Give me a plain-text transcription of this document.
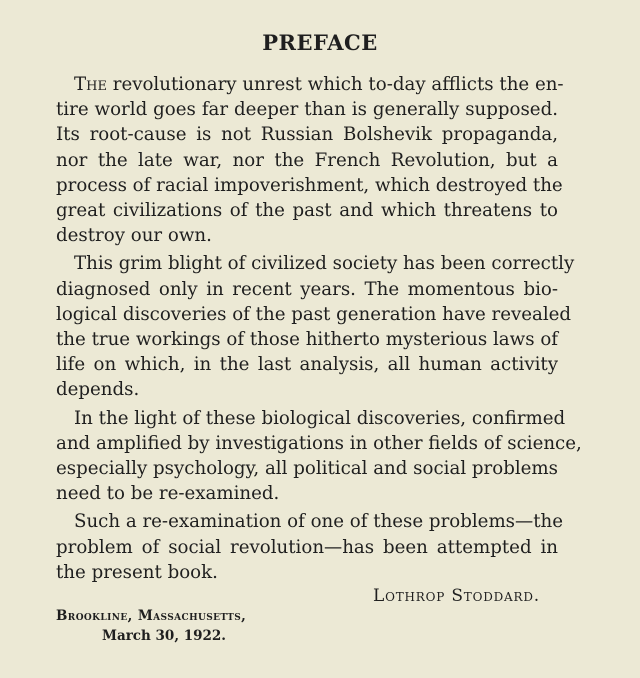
PREFACE
The revolutionary unrest which to-day afflicts the en-
tire world goes far deeper than is generally supposed.
Its root-cause is not Russian Bolshevik propaganda,
nor the late war, nor the French Revolution, but a
process of racial impoverishment, which destroyed the
great civilizations of the past and which threatens to
destroy our own.
This grim blight of civilized society has been correctly
diagnosed only in recent years. The momentous bio-
logical discoveries of the past generation have revealed
the true workings of those hitherto mysterious laws of
life on which, in the last analysis, all human activity
depends.
In the light of these biological discoveries, confirmed
and amplified by investigations in other fields of science,
especially psychology, all political and social problems
need to be re-examined.
Such a re-examination of one of these problems—the
problem of social revolution—has been attempted in
the present book.
Lothrop Stoddard.
Brookline, Massachusetts,
March 30, 1922.
